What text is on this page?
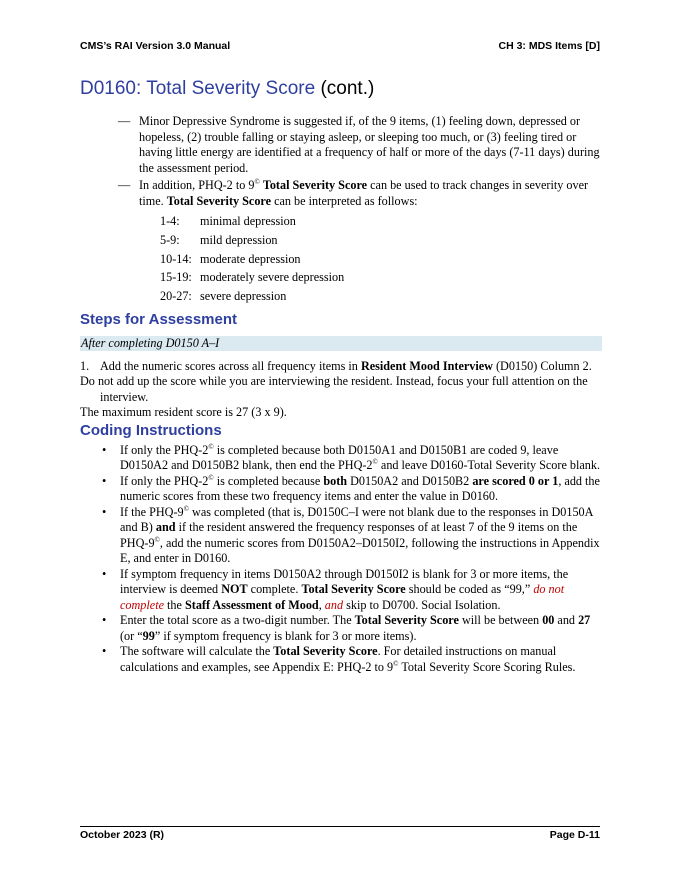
CMS’s RAI Version 3.0 Manual	CH 3: MDS Items [D]
D0160: Total Severity Score (cont.)
— Minor Depressive Syndrome is suggested if, of the 9 items, (1) feeling down, depressed or hopeless, (2) trouble falling or staying asleep, or sleeping too much, or (3) feeling tired or having little energy are identified at a frequency of half or more of the days (7-11 days) during the assessment period.
— In addition, PHQ-2 to 9© Total Severity Score can be used to track changes in severity over time. Total Severity Score can be interpreted as follows:
1-4:	minimal depression
5-9:	mild depression
10-14: moderate depression
15-19: moderately severe depression
20-27: severe depression
Steps for Assessment
After completing D0150 A–I
1. Add the numeric scores across all frequency items in Resident Mood Interview (D0150) Column 2.
Do not add up the score while you are interviewing the resident. Instead, focus your full attention on the interview.
The maximum resident score is 27 (3 x 9).
Coding Instructions
• If only the PHQ-2© is completed because both D0150A1 and D0150B1 are coded 9, leave D0150A2 and D0150B2 blank, then end the PHQ-2© and leave D0160-Total Severity Score blank.
• If only the PHQ-2© is completed because both D0150A2 and D0150B2 are scored 0 or 1, add the numeric scores from these two frequency items and enter the value in D0160.
• If the PHQ-9© was completed (that is, D0150C–I were not blank due to the responses in D0150A and B) and if the resident answered the frequency responses of at least 7 of the 9 items on the PHQ-9©, add the numeric scores from D0150A2–D0150I2, following the instructions in Appendix E, and enter in D0160.
• If symptom frequency in items D0150A2 through D0150I2 is blank for 3 or more items, the interview is deemed NOT complete. Total Severity Score should be coded as “99,” do not complete the Staff Assessment of Mood, and skip to D0700. Social Isolation.
• Enter the total score as a two-digit number. The Total Severity Score will be between 00 and 27 (or “99” if symptom frequency is blank for 3 or more items).
• The software will calculate the Total Severity Score. For detailed instructions on manual calculations and examples, see Appendix E: PHQ-2 to 9© Total Severity Score Scoring Rules.
October 2023 (R)	Page D-11
